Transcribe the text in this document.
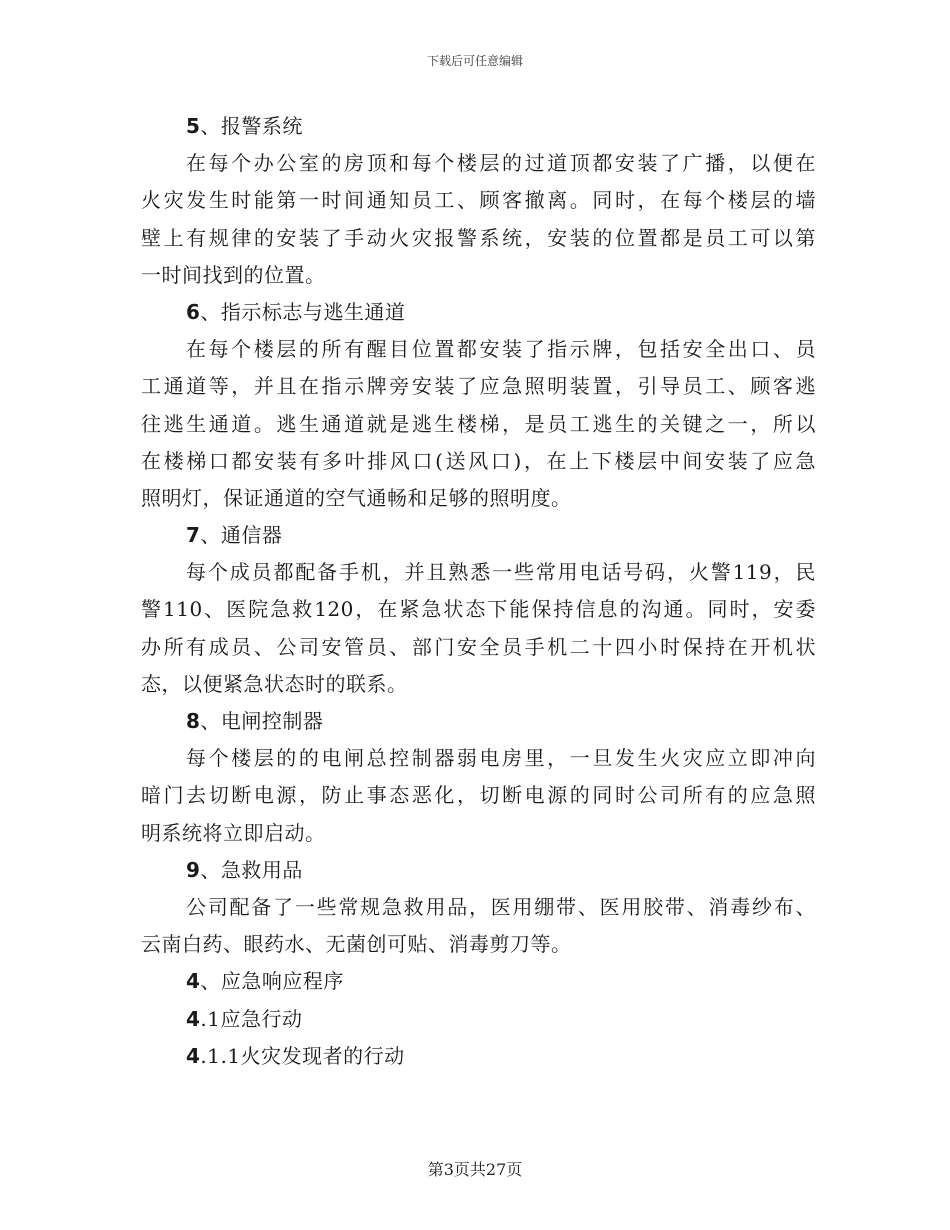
下载后可任意编辑
5、报警系统
在每个办公室的房顶和每个楼层的过道顶都安装了广播，以便在
火灾发生时能第一时间通知员工、顾客撤离。同时，在每个楼层的墙
壁上有规律的安装了手动火灾报警系统，安装的位置都是员工可以第
一时间找到的位置。
6、指示标志与逃生通道
在每个楼层的所有醒目位置都安装了指示牌，包括安全出口、员
工通道等，并且在指示牌旁安装了应急照明装置，引导员工、顾客逃
往逃生通道。逃生通道就是逃生楼梯，是员工逃生的关键之一，所以
在楼梯口都安装有多叶排风口(送风口)，在上下楼层中间安装了应急
照明灯，保证通道的空气通畅和足够的照明度。
7、通信器
每个成员都配备手机，并且熟悉一些常用电话号码，火警119，民
警110、医院急救120，在紧急状态下能保持信息的沟通。同时，安委
办所有成员、公司安管员、部门安全员手机二十四小时保持在开机状
态，以便紧急状态时的联系。
8、电闸控制器
每个楼层的的电闸总控制器弱电房里，一旦发生火灾应立即冲向
暗门去切断电源，防止事态恶化，切断电源的同时公司所有的应急照
明系统将立即启动。
9、急救用品
公司配备了一些常规急救用品，医用绷带、医用胶带、消毒纱布、
云南白药、眼药水、无菌创可贴、消毒剪刀等。
4、应急响应程序
4.1应急行动
4.1.1火灾发现者的行动
第3页共27页
